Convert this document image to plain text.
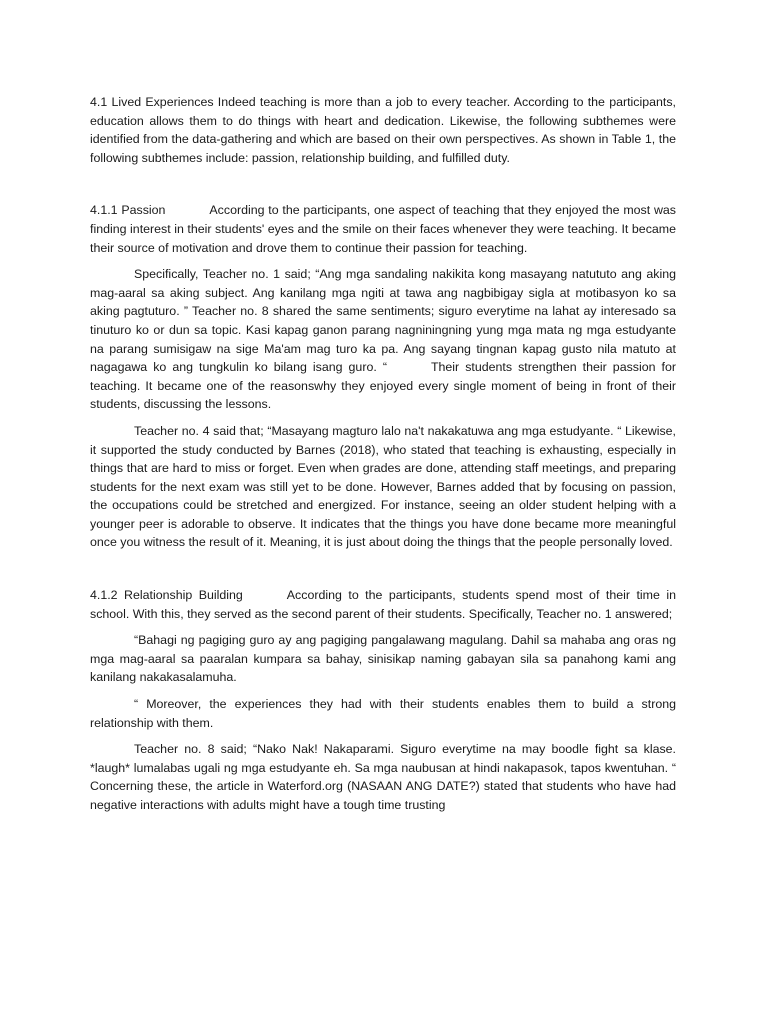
4.1 Lived Experiences Indeed teaching is more than a job to every teacher. According to the participants, education allows them to do things with heart and dedication. Likewise, the following subthemes were identified from the data-gathering and which are based on their own perspectives. As shown in Table 1, the following subthemes include: passion, relationship building, and fulfilled duty.

4.1.1 Passion	According to the participants, one aspect of teaching that they enjoyed the most was finding interest in their students' eyes and the smile on their faces whenever they were teaching. It became their source of motivation and drove them to continue their passion for teaching.

Specifically, Teacher no. 1 said; “Ang mga sandaling nakikita kong masayang natututo ang aking mag-aaral sa aking subject. Ang kanilang mga ngiti at tawa ang nagbibigay sigla at motibasyon ko sa aking pagtuturo. ” Teacher no. 8 shared the same sentiments; siguro everytime na lahat ay interesado sa tinuturo ko or dun sa topic. Kasi kapag ganon parang nagniningning yung mga mata ng mga estudyante na parang sumisigaw na sige Ma'am mag turo ka pa. Ang sayang tingnan kapag gusto nila matuto at nagagawa ko ang tungkulin ko bilang isang guro. “	Their students strengthen their passion for teaching. It became one of the reasonswhy they enjoyed every single moment of being in front of their students, discussing the lessons.

Teacher no. 4 said that; “Masayang magturo lalo na't nakakatuwa ang mga estudyante. “ Likewise, it supported the study conducted by Barnes (2018), who stated that teaching is exhausting, especially in things that are hard to miss or forget. Even when grades are done, attending staff meetings, and preparing students for the next exam was still yet to be done. However, Barnes added that by focusing on passion, the occupations could be stretched and energized. For instance, seeing an older student helping with a younger peer is adorable to observe. It indicates that the things you have done became more meaningful once you witness the result of it. Meaning, it is just about doing the things that the people personally loved.

4.1.2 Relationship Building	According to the participants, students spend most of their time in school. With this, they served as the second parent of their students. Specifically, Teacher no. 1 answered;

“Bahagi ng pagiging guro ay ang pagiging pangalawang magulang. Dahil sa mahaba ang oras ng mga mag-aaral sa paaralan kumpara sa bahay, sinisikap naming gabayan sila sa panahong kami ang kanilang nakakasalamuha.

“ Moreover, the experiences they had with their students enables them to build a strong relationship with them.

Teacher no. 8 said; “Nako Nak! Nakaparami. Siguro everytime na may boodle fight sa klase. *laugh* lumalabas ugali ng mga estudyante eh. Sa mga naubusan at hindi nakapasok, tapos kwentuhan. “ Concerning these, the article in Waterford.org (NASAAN ANG DATE?) stated that students who have had negative interactions with adults might have a tough time trusting
